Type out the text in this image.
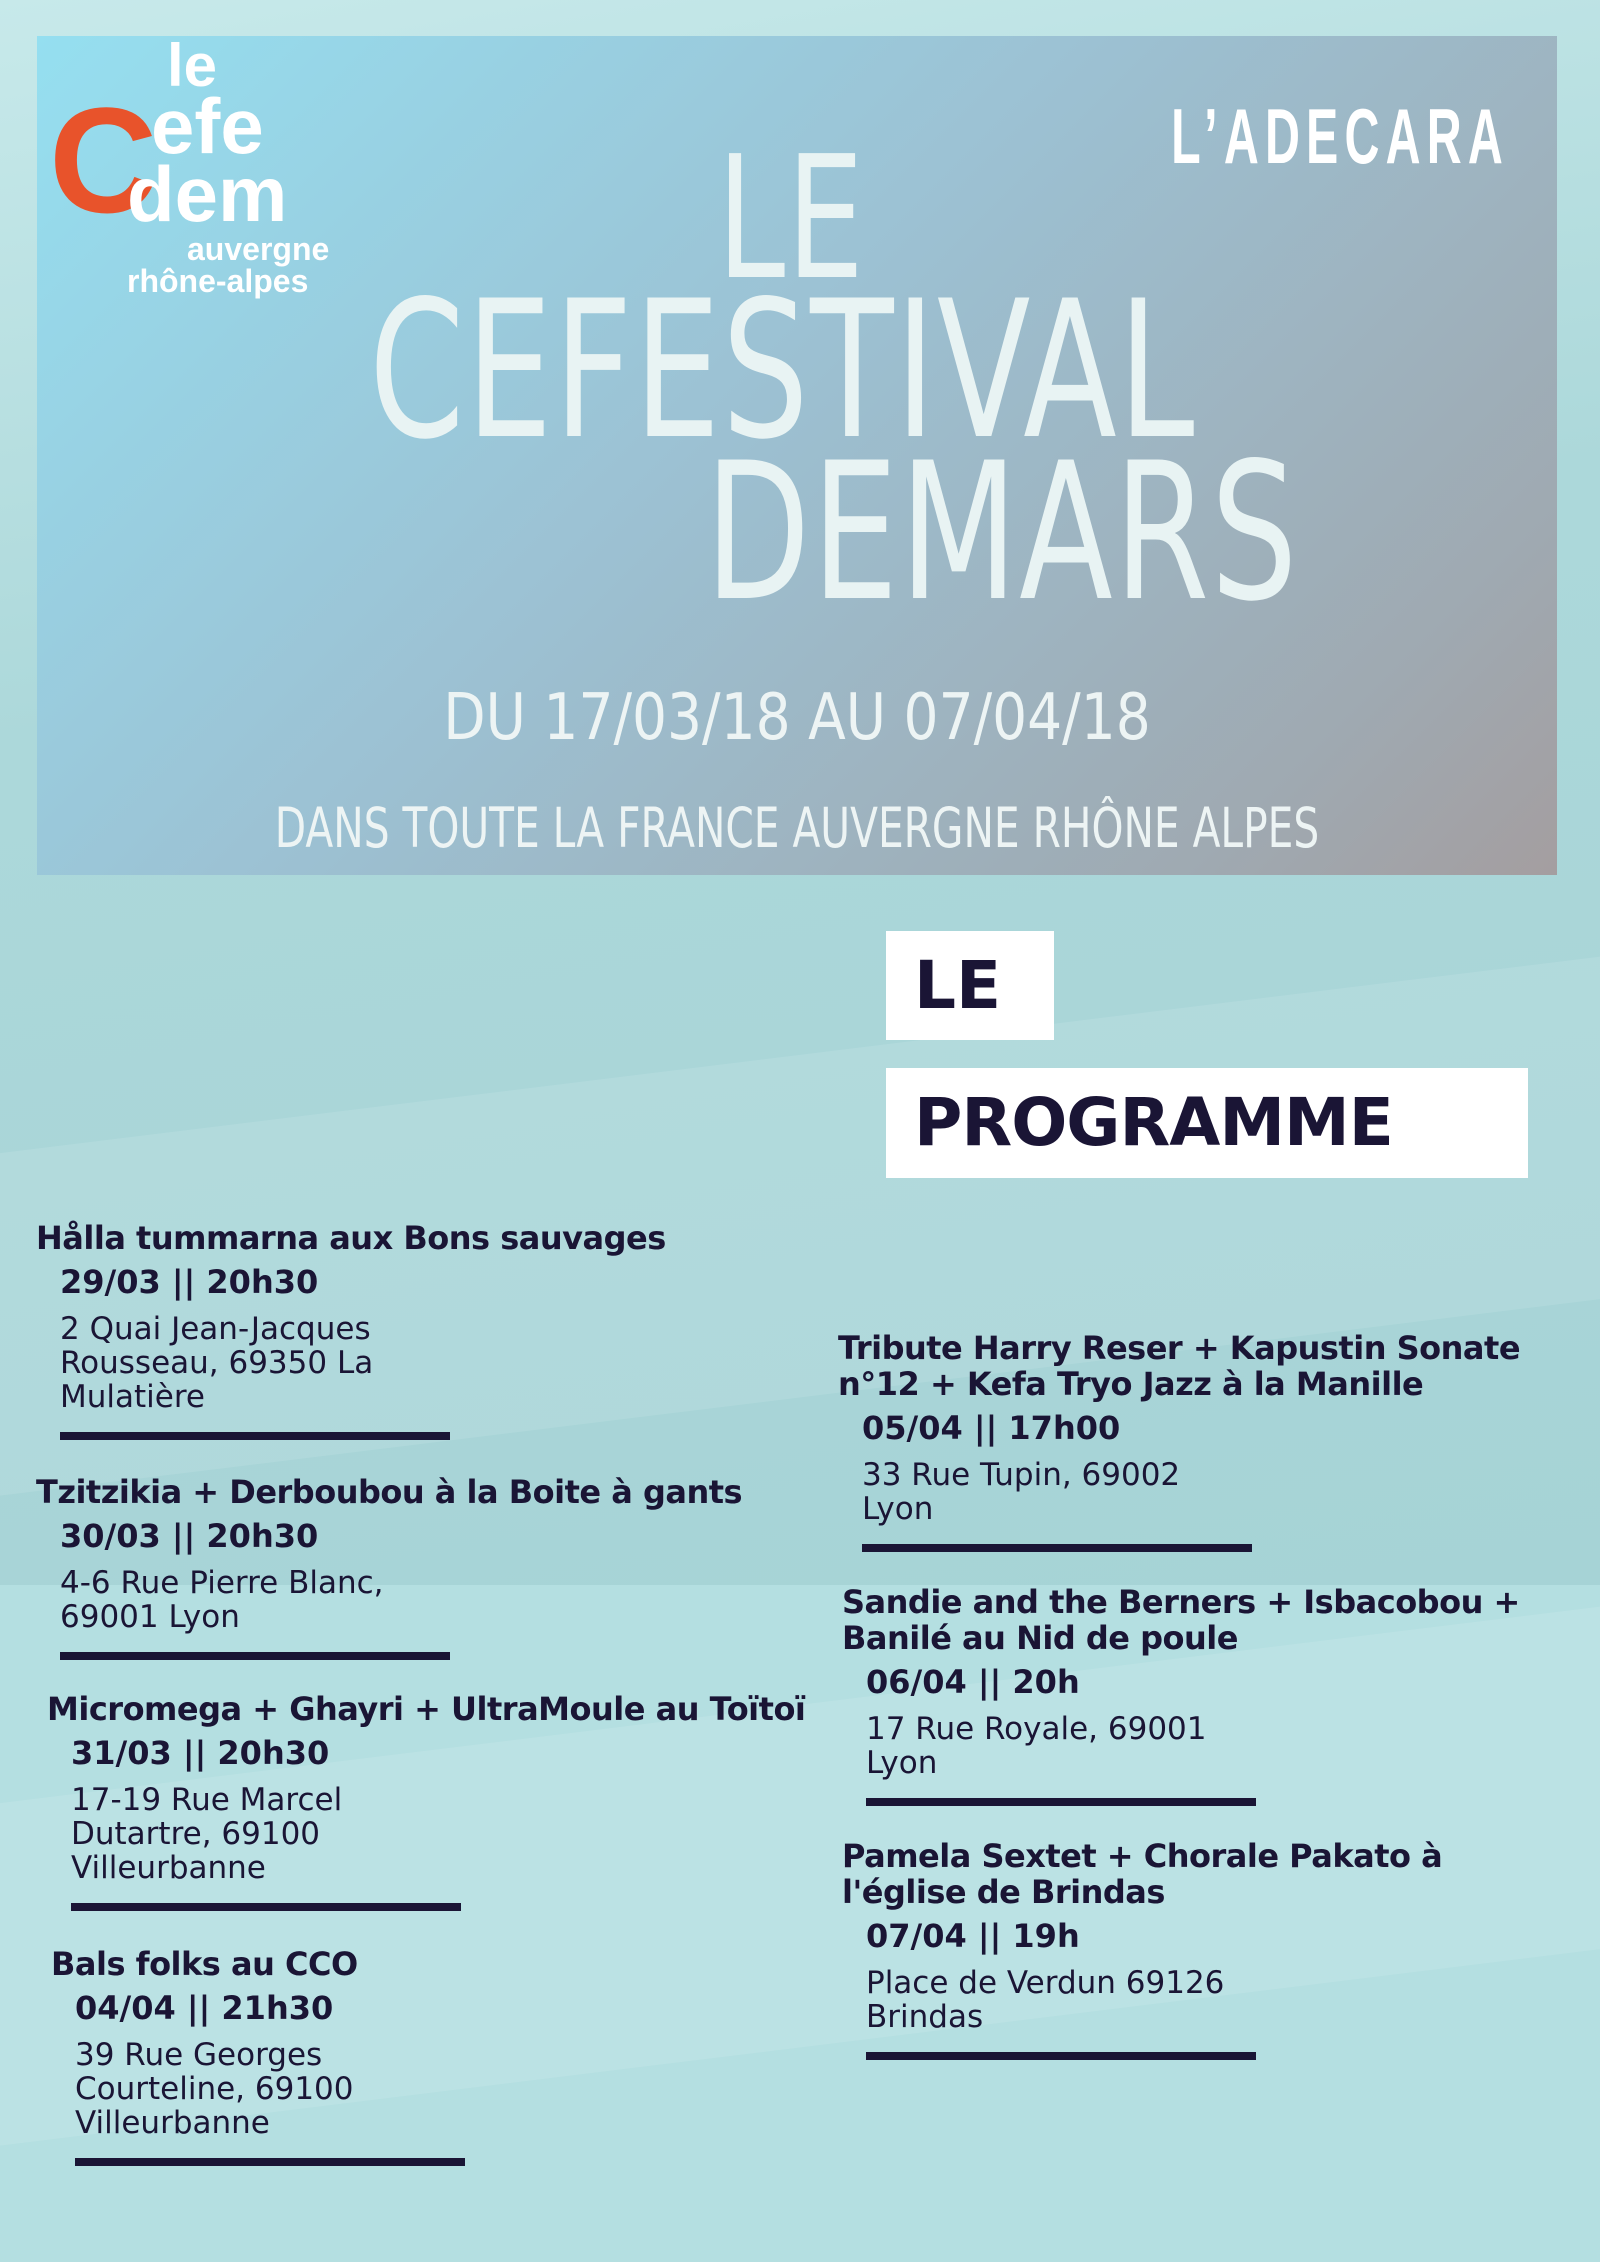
le
C
efe
dem
auvergne
rhône-alpes
L’ADECARA
LE
CEFESTIVAL
DEMARS
DU 17/03/18 AU 07/04/18
DANS TOUTE LA FRANCE AUVERGNE RHÔNE ALPES
LE
PROGRAMME
Hålla tummarna aux Bons sauvages
29/03 || 20h30
2 Quai Jean-Jacques
Rousseau, 69350 La
Mulatière
Tzitzikia + Derboubou à la Boite à gants
30/03 || 20h30
4-6 Rue Pierre Blanc,
69001 Lyon
Micromega + Ghayri + UltraMoule au Toïtoï
31/03 || 20h30
17-19 Rue Marcel
Dutartre, 69100
Villeurbanne
Bals folks au CCO
04/04 || 21h30
39 Rue Georges
Courteline, 69100
Villeurbanne
Tribute Harry Reser + Kapustin Sonate n°12 + Kefa Tryo Jazz à la Manille
05/04 || 17h00
33 Rue Tupin, 69002
Lyon
Sandie and the Berners + Isbacobou + Banilé au Nid de poule
06/04 || 20h
17 Rue Royale, 69001
Lyon
Pamela Sextet + Chorale Pakato à l'église de Brindas
07/04 || 19h
Place de Verdun 69126
Brindas
